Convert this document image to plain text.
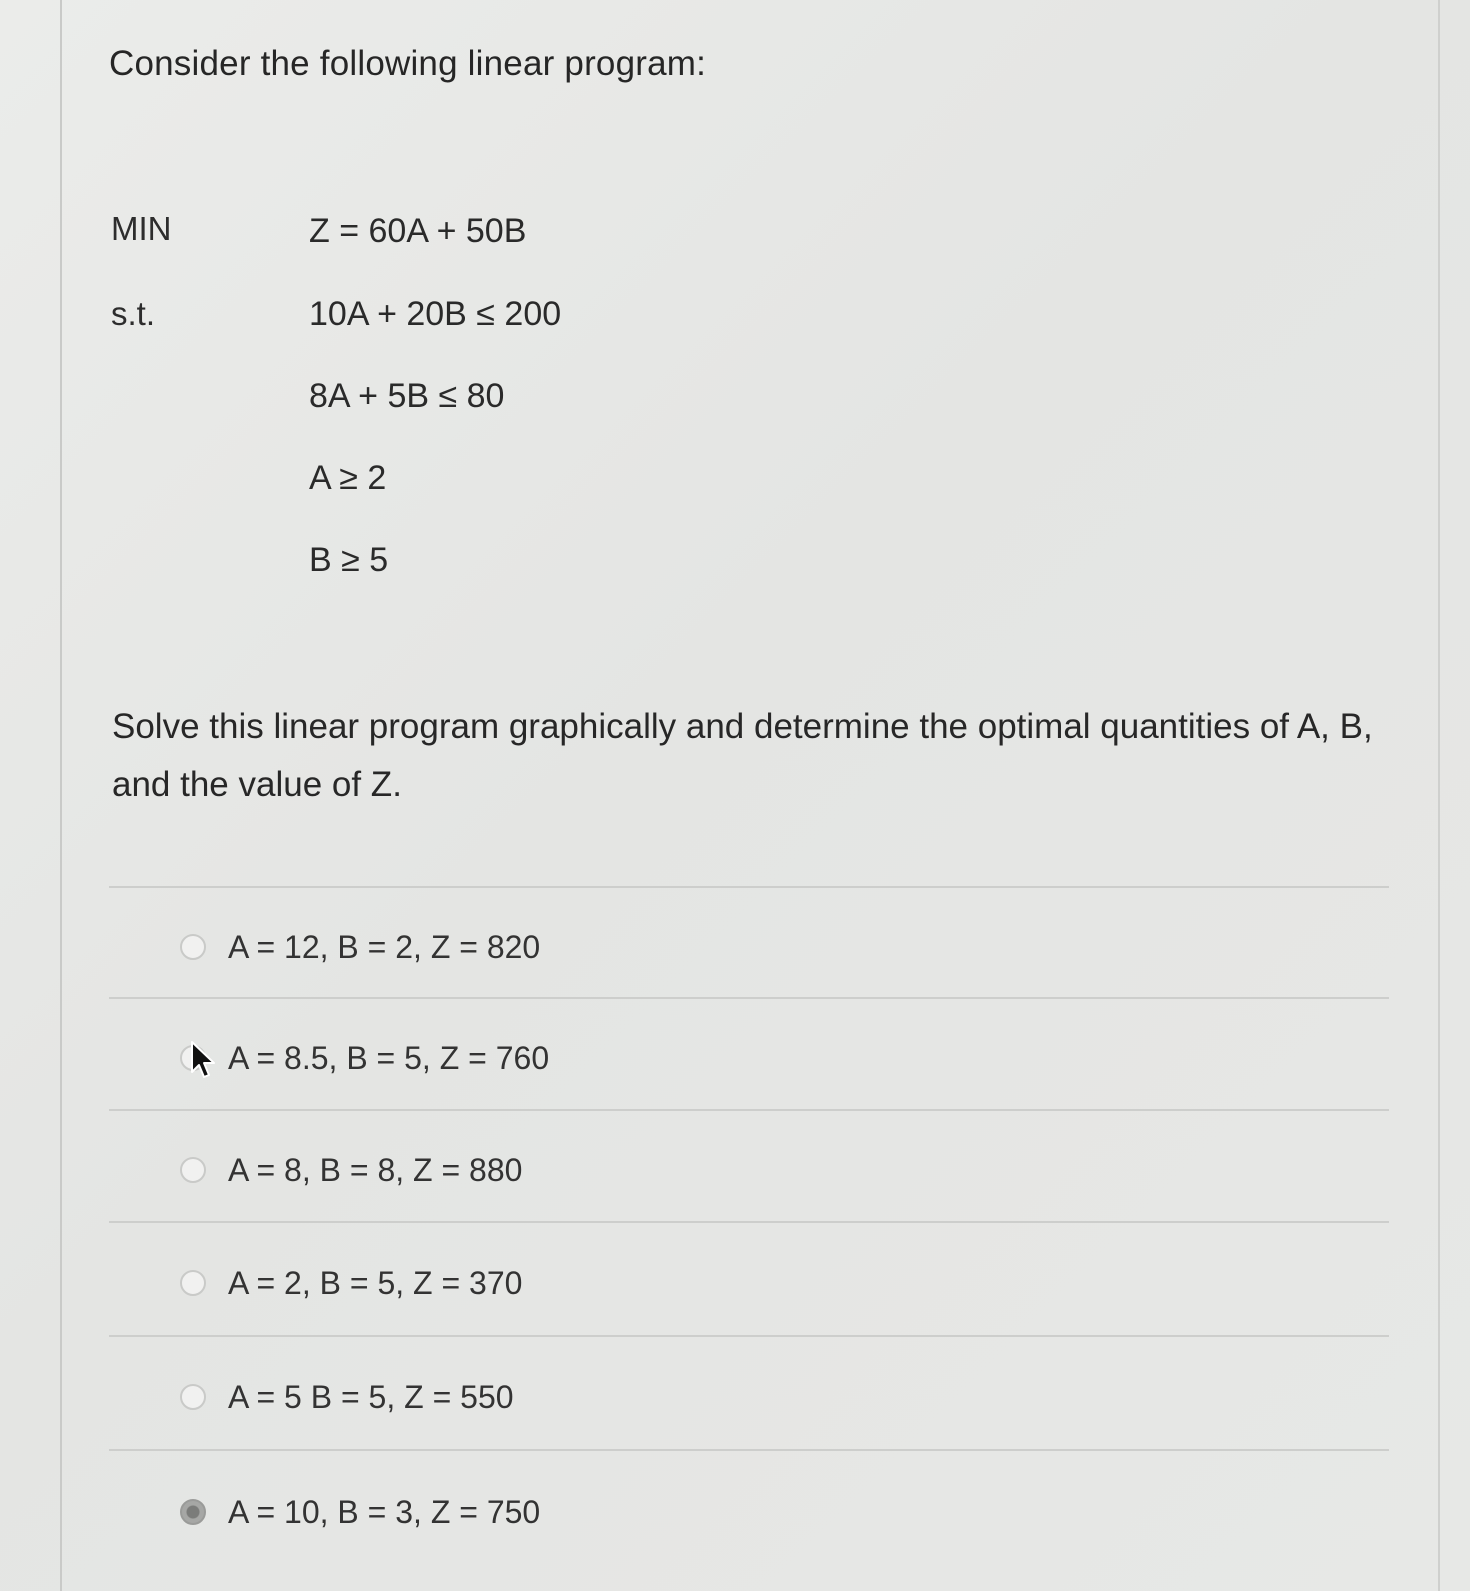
Consider the following linear program:
MIN	Z = 60A + 50B
s.t.	10A + 20B ≤ 200
8A + 5B ≤ 80
A ≥ 2
B ≥ 5
Solve this linear program graphically and determine the optimal quantities of A, B, and the value of Z.
A = 12, B = 2, Z = 820
A = 8.5, B = 5, Z = 760
A = 8, B = 8, Z = 880
A = 2, B = 5, Z = 370
A = 5 B = 5, Z = 550
A = 10, B = 3, Z = 750
